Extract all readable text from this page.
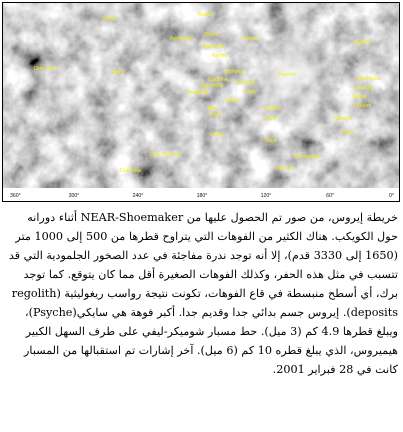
Jahan
Mahal
Zhara
Fernando	Parvati
Avicenna
Rehtin
Don Juan	Orpheus
Catalina Lovelock
Hermione
Ricky
Narcissus
Leander
Haloa
Ghulan
Psyche
Heathcliff
Kalkhe
Boris
Mar
Lolita
Don Quixote
Genji
Taiyo
Proserpina
Dulcinea	Pao-yu
Fatima
Pare
Mario
Nilsson
Hela
360°	300°	240°	180°	120°	60°	0°

خريطة إيروس، من صور تم الحصول عليها من NEAR-Shoemaker أثناء دورانه حول الكويكب. هناك الكثير من الفوهات التي يتراوح قطرها من 500 إلى 1000 متر (1650 إلى 3330 قدم)، إلا أنه توجد ندرة مفاجئة في عدد الصخور الجلمودية التي قد تتسبب في مثل هذه الحفر، وكذلك الفوهات الصغيرة أقل مما كان يتوقع. كما توجد برك، أي أسطح منبسطة في قاع الفوهات، تكونت نتيجة رواسب ريغوليثية (regolith deposits). إيروس جسم بدائي جدا وقديم جدا. أكبر فوهة هي سايكي(Psyche)، ويبلغ قطرها 4.9 كم (3 ميل). حط مسبار شوميكر-ليفي على طرف السهل الكبير هيميروس، الذي يبلغ قطره 10 كم (6 ميل). آخر إشارات تم استقبالها من المسبار كانت في 28 فبراير 2001.
